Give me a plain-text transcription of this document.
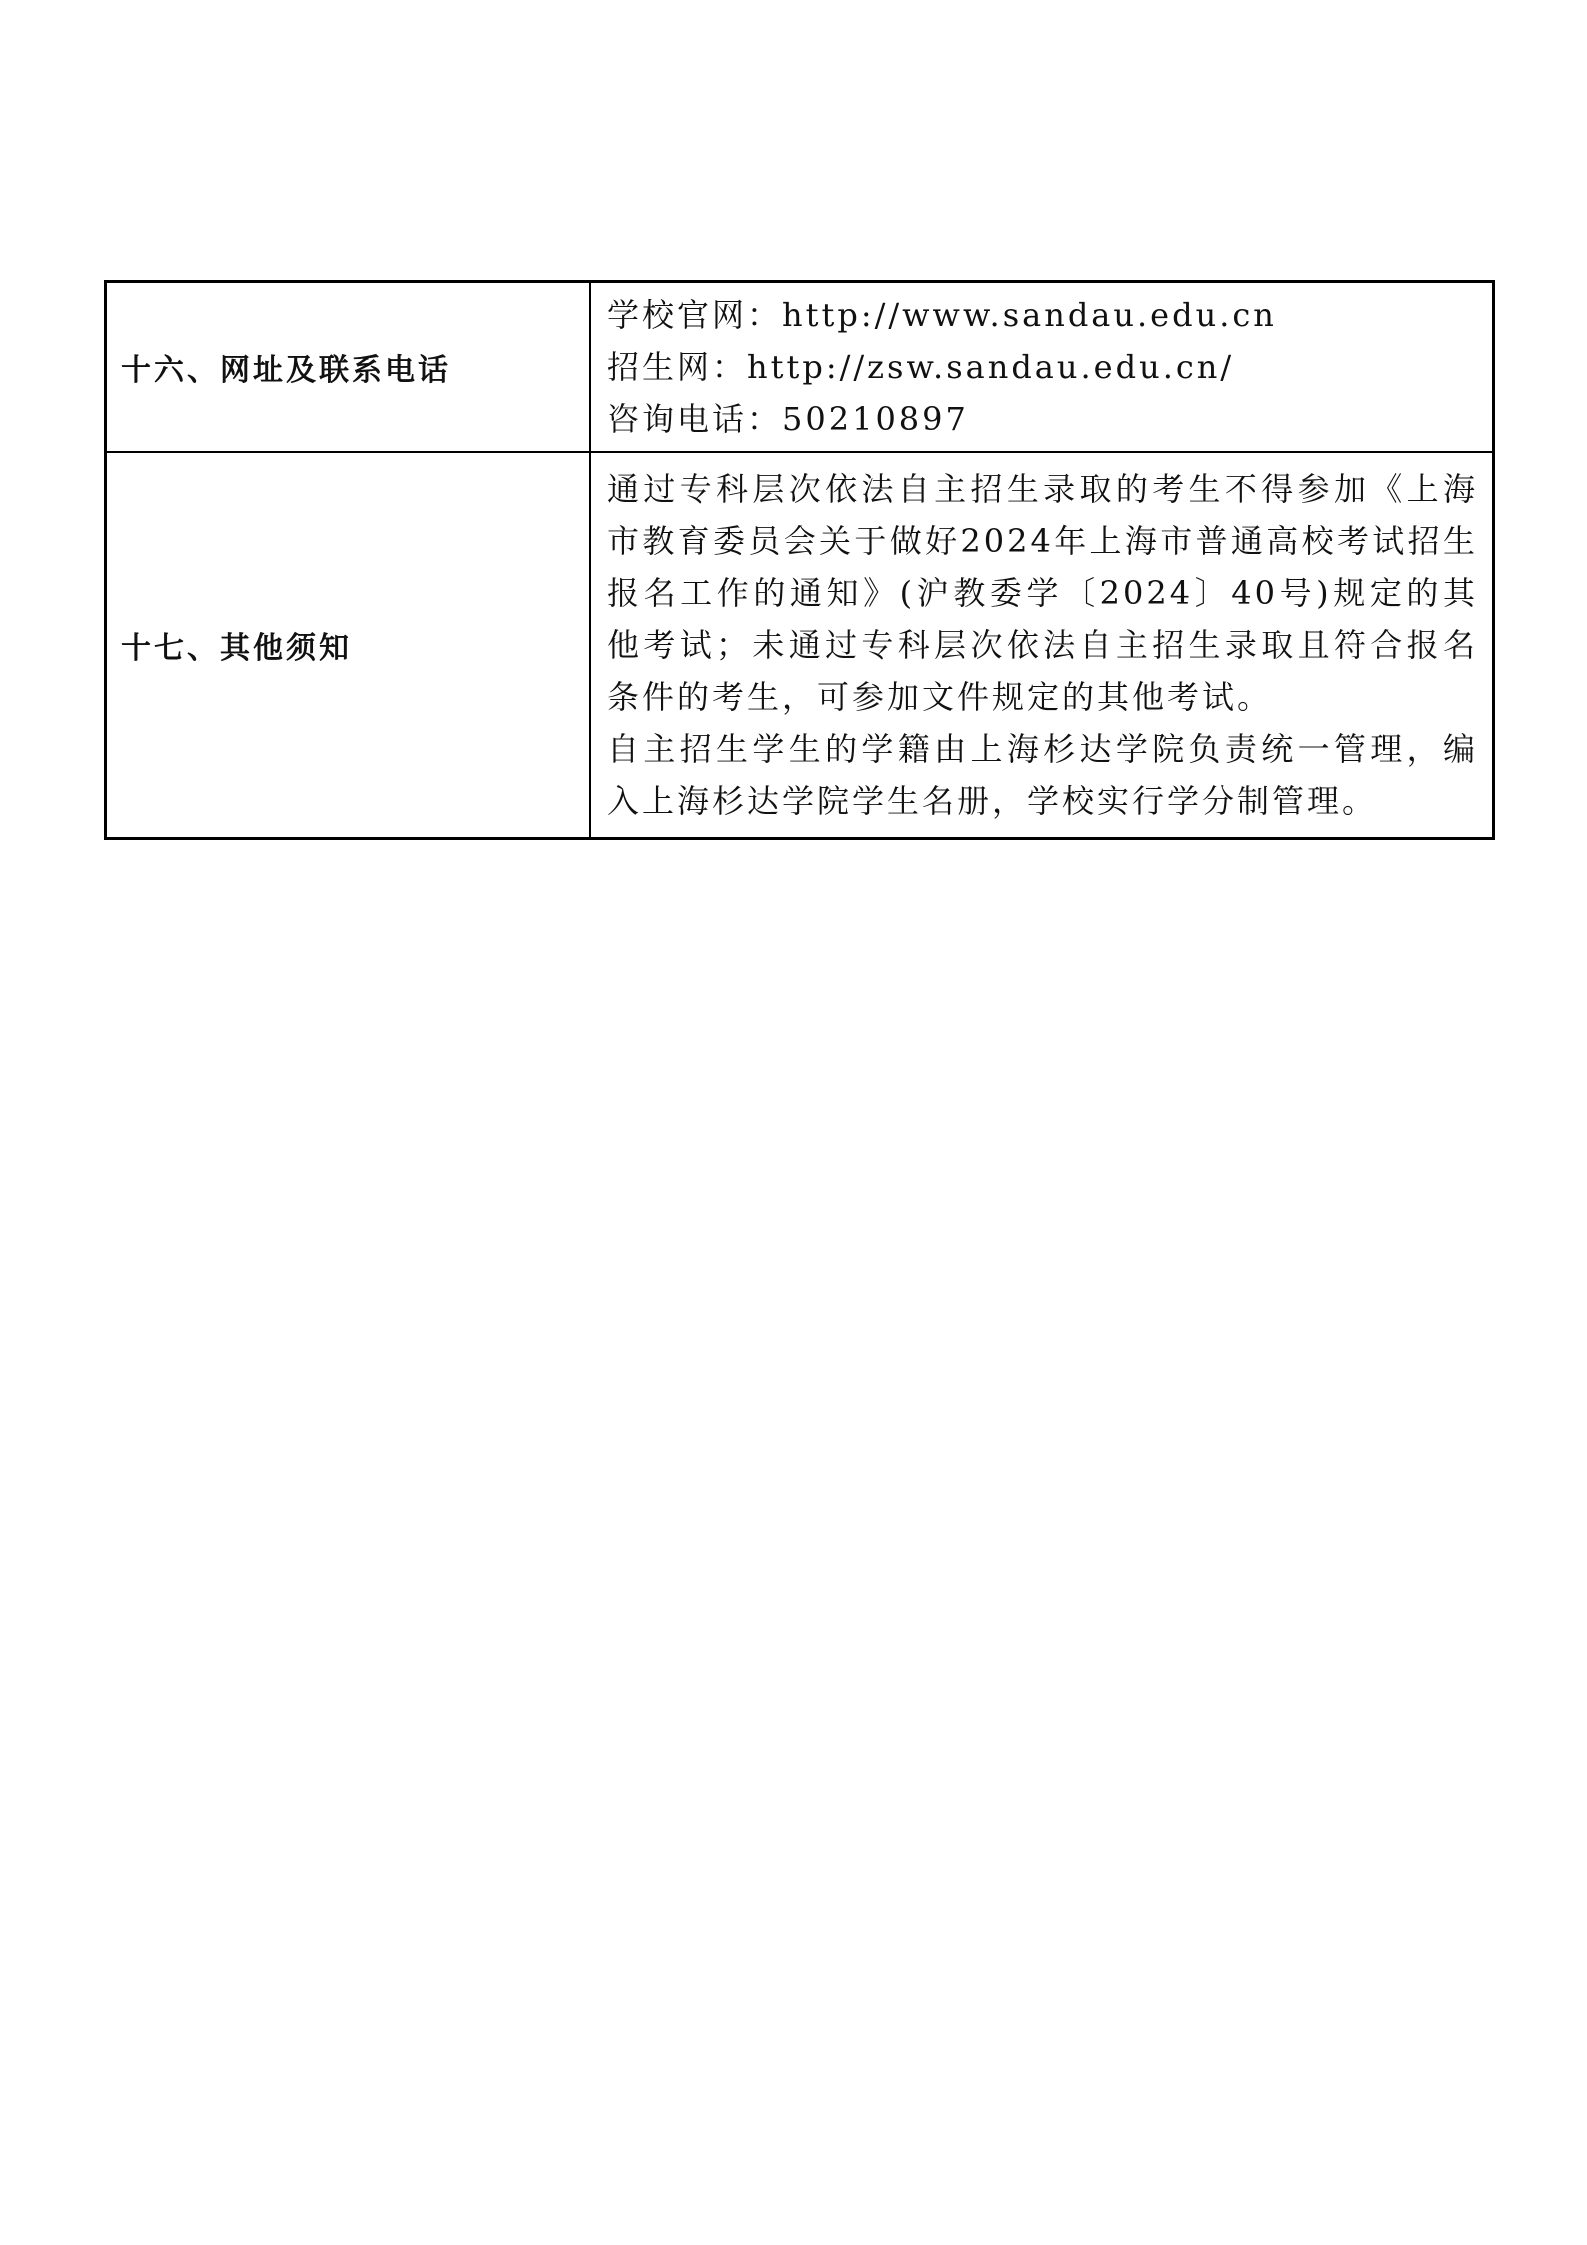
十六、网址及联系电话	学校官网：http://www.sandau.edu.cn
招生网：http://zsw.sandau.edu.cn/
咨询电话：50210897

十七、其他须知	通过专科层次依法自主招生录取的考生不得参加《上海市教育委员会关于做好2024年上海市普通高校考试招生报名工作的通知》(沪教委学〔2024〕40号)规定的其他考试；未通过专科层次依法自主招生录取且符合报名条件的考生，可参加文件规定的其他考试。
自主招生学生的学籍由上海杉达学院负责统一管理，编入上海杉达学院学生名册，学校实行学分制管理。
